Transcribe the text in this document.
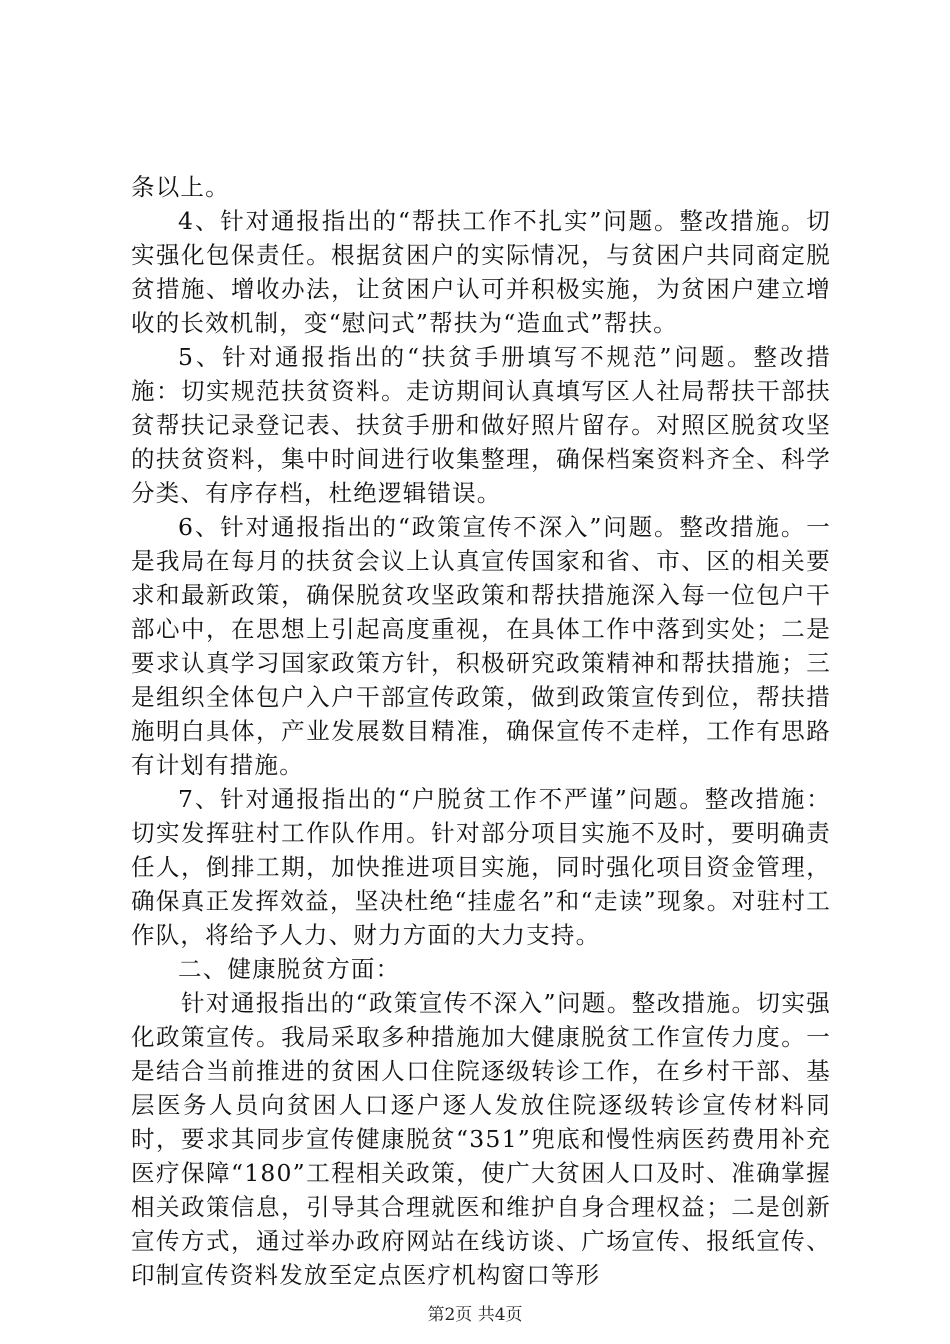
条以上。

4、针对通报指出的“帮扶工作不扎实”问题。整改措施。切实强化包保责任。根据贫困户的实际情况，与贫困户共同商定脱贫措施、增收办法，让贫困户认可并积极实施，为贫困户建立增收的长效机制，变“慰问式”帮扶为“造血式”帮扶。

5、针对通报指出的“扶贫手册填写不规范”问题。整改措施：切实规范扶贫资料。走访期间认真填写区人社局帮扶干部扶贫帮扶记录登记表、扶贫手册和做好照片留存。对照区脱贫攻坚的扶贫资料，集中时间进行收集整理，确保档案资料齐全、科学分类、有序存档，杜绝逻辑错误。

6、针对通报指出的“政策宣传不深入”问题。整改措施。一是我局在每月的扶贫会议上认真宣传国家和省、市、区的相关要求和最新政策，确保脱贫攻坚政策和帮扶措施深入每一位包户干部心中，在思想上引起高度重视，在具体工作中落到实处；二是要求认真学习国家政策方针，积极研究政策精神和帮扶措施；三是组织全体包户入户干部宣传政策，做到政策宣传到位，帮扶措施明白具体，产业发展数目精准，确保宣传不走样，工作有思路有计划有措施。

7、针对通报指出的“户脱贫工作不严谨”问题。整改措施：切实发挥驻村工作队作用。针对部分项目实施不及时，要明确责任人，倒排工期，加快推进项目实施，同时强化项目资金管理，确保真正发挥效益，坚决杜绝“挂虚名”和“走读”现象。对驻村工作队，将给予人力、财力方面的大力支持。

二、健康脱贫方面：

针对通报指出的“政策宣传不深入”问题。整改措施。切实强化政策宣传。我局采取多种措施加大健康脱贫工作宣传力度。一是结合当前推进的贫困人口住院逐级转诊工作，在乡村干部、基层医务人员向贫困人口逐户逐人发放住院逐级转诊宣传材料同时，要求其同步宣传健康脱贫“351”兜底和慢性病医药费用补充医疗保障“180”工程相关政策，使广大贫困人口及时、准确掌握相关政策信息，引导其合理就医和维护自身合理权益；二是创新宣传方式，通过举办政府网站在线访谈、广场宣传、报纸宣传、印制宣传资料发放至定点医疗机构窗口等形

第2页 共4页
